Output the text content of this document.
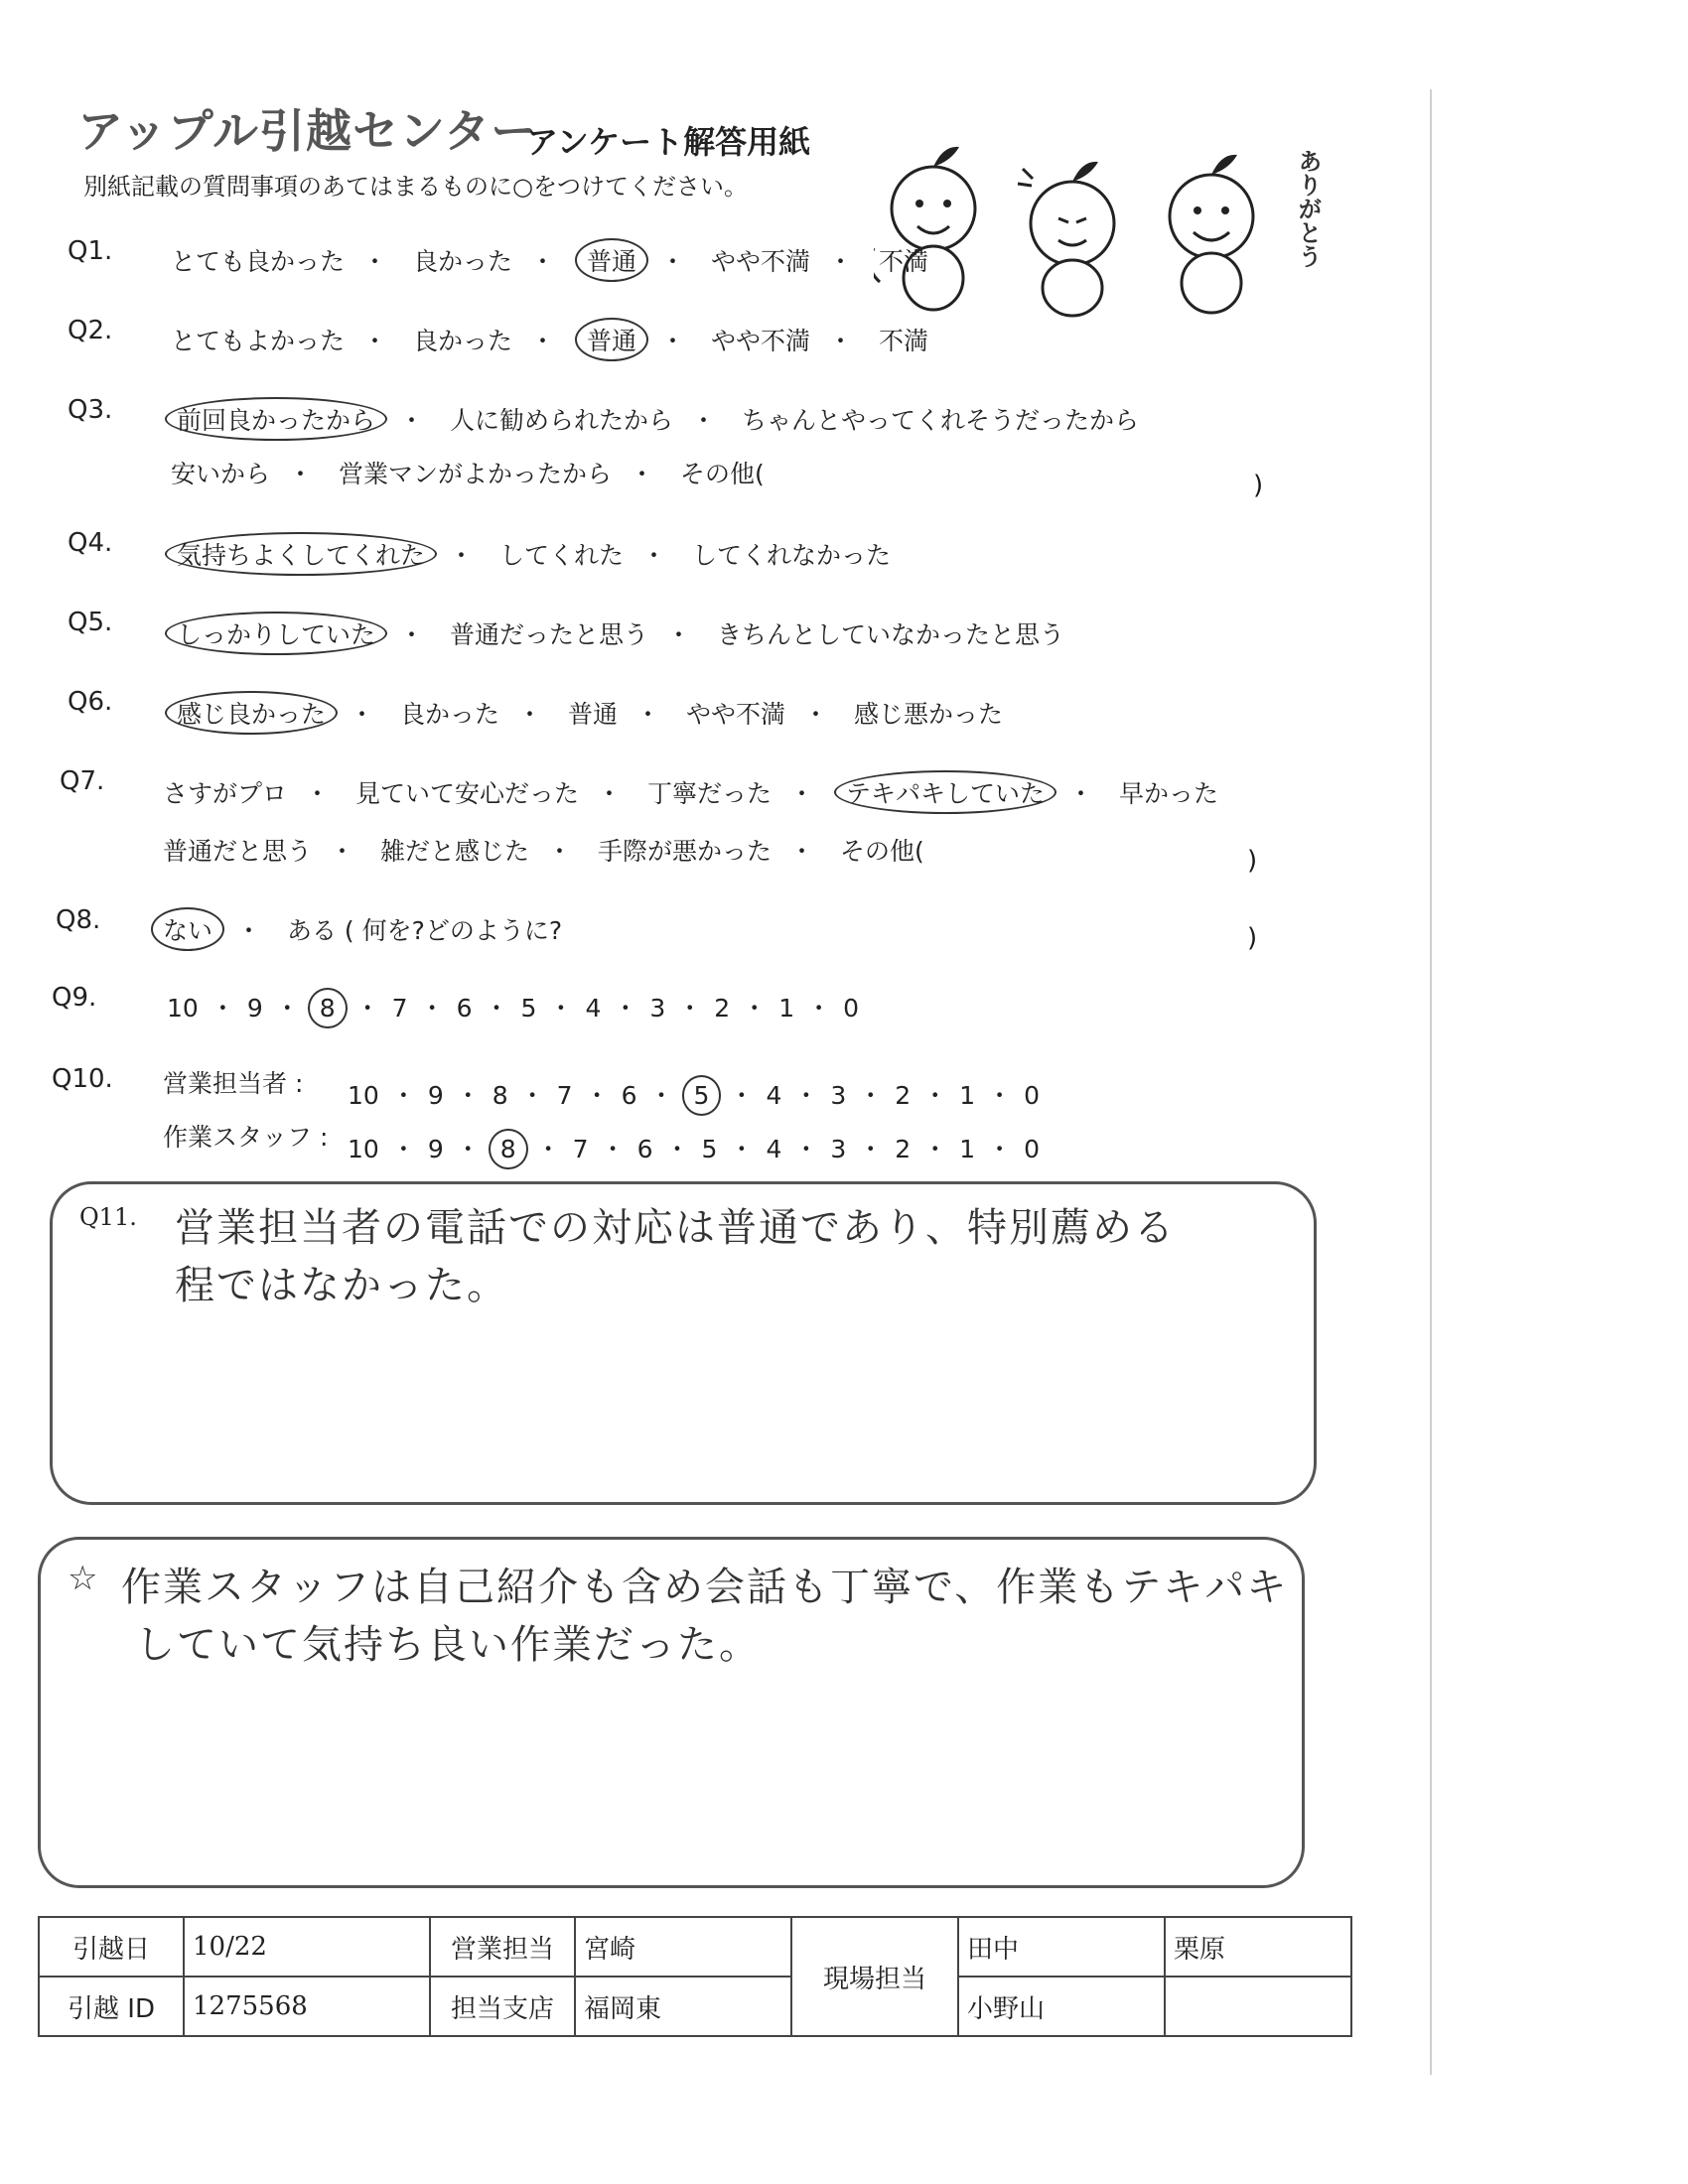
アップル引越センター
アンケート解答用紙
別紙記載の質問事項のあてはまるものに○をつけてください。	ありがとう
Q1. とても良かった ・ 良かった ・ 普通 ・ やや不満 ・ 不満
Q2. とてもよかった ・ 良かった ・ 普通 ・ やや不満 ・ 不満
Q3.	前回良かったから ・ 人に勧められたから ・ ちゃんとやってくれそうだったから
安いから ・ 営業マンがよかったから ・ その他(	)
Q4.	気持ちよくしてくれた ・ してくれた ・ してくれなかった
Q5.	しっかりしていた ・ 普通だったと思う ・ きちんとしていなかったと思う
Q6.	感じ良かった ・ 良かった ・ 普通 ・ やや不満 ・ 感じ悪かった
Q7. さすがプロ ・ 見ていて安心だった ・ 丁寧だった ・ テキパキしていた ・ 早かった
普通だと思う ・ 雑だと感じた ・ 手際が悪かった ・ その他(	)
Q8.	ない ・ ある ( 何を?どのように?	)
Q9.	10 ・ 9 ・ 8 ・ 7 ・ 6 ・ 5 ・ 4 ・ 3 ・ 2 ・ 1 ・ 0
Q10. 営業担当者 : 10 ・ 9 ・ 8 ・ 7 ・ 6 ・ 5 ・ 4 ・ 3 ・ 2 ・ 1 ・ 0
作業スタッフ : 10 ・ 9 ・ 8 ・ 7 ・ 6 ・ 5 ・ 4 ・ 3 ・ 2 ・ 1 ・ 0
Q11. 営業担当者の電話での対応は普通であり、特別薦める
程ではなかった。
☆ 作業スタッフは自己紹介も含め会話も丁寧で、作業もテキパキ
していて気持ち良い作業だった。
引越日	10/22	営業担当	宮崎	現場担当	田中	栗原
引越 ID	1275568	担当支店	福岡東		小野山	
